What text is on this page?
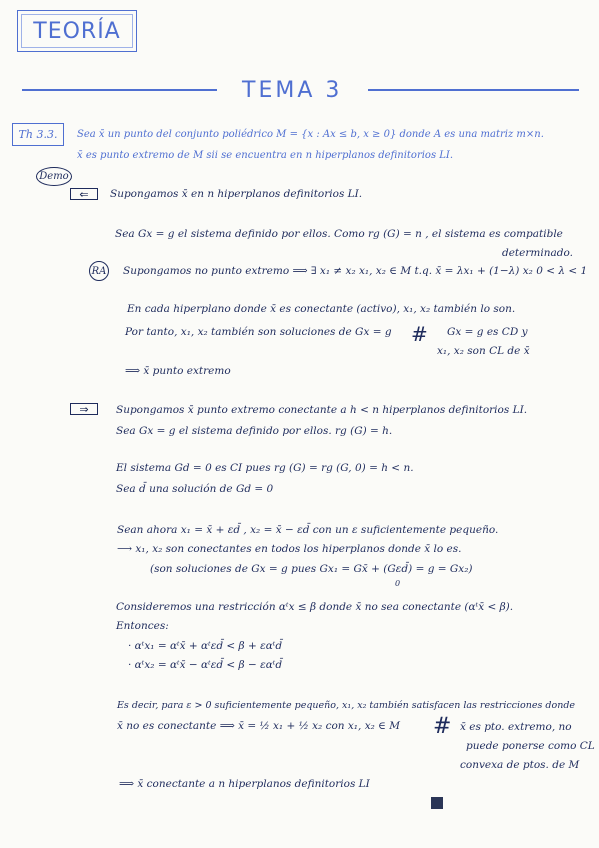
TEORÍA
TEMA 3
Th 3.3. Sea x̄ un punto del conjunto poliédrico M = {x : Ax ≤ b, x ≥ 0} donde A es una matriz m×n.
x̄ es punto extremo de M sii se encuentra en n hiperplanos definitorios LI.
Demo
⇐ Supongamos x̄ en n hiperplanos definitorios LI.
Sea Gx = g el sistema definido por ellos. Como rg (G) = n , el sistema es compatible
determinado.
RA Supongamos no punto extremo ⟹ ∃ x₁ ≠ x₂ x₁, x₂ ∈ M t.q. x̄ = λx₁ + (1−λ) x₂ 0 < λ < 1
En cada hiperplano donde x̄ es conectante (activo), x₁, x₂ también lo son.
Por tanto, x₁, x₂ también son soluciones de Gx = g # Gx = g es CD y
x₁, x₂ son CL de x̄
⟹ x̄ punto extremo
⇒	Supongamos x̄ punto extremo conectante a h < n hiperplanos definitorios LI.
Sea Gx = g el sistema definido por ellos. rg (G) = h.
El sistema Gd = 0 es CI pues rg (G) = rg (G, 0) = h < n.
Sea d̄ una solución de Gd = 0
Sean ahora x₁ = x̄ + εd̄ , x₂ = x̄ − εd̄ con un ε suficientemente pequeño.
⟶ x₁, x₂ son conectantes en todos los hiperplanos donde x̄ lo es.
(son soluciones de Gx = g pues Gx₁ = Gx̄ + (Gεd̄) = g = Gx₂)
0
Consideremos una restricción αᵗx ≤ β donde x̄ no sea conectante (αᵗx̄ < β).
Entonces:
· αᵗx₁ = αᵗx̄ + αᵗεd̄ < β + εαᵗd̄
· αᵗx₂ = αᵗx̄ − αᵗεd̄ < β − εαᵗd̄
Es decir, para ε > 0 suficientemente pequeño, x₁, x₂ también satisfacen las restricciones donde
x̄ no es conectante ⟹ x̄ = ½ x₁ + ½ x₂ con x₁, x₂ ∈ M # x̄ es pto. extremo, no
puede ponerse como CL
convexa de ptos. de M
⟹ x̄ conectante a n hiperplanos definitorios LI
